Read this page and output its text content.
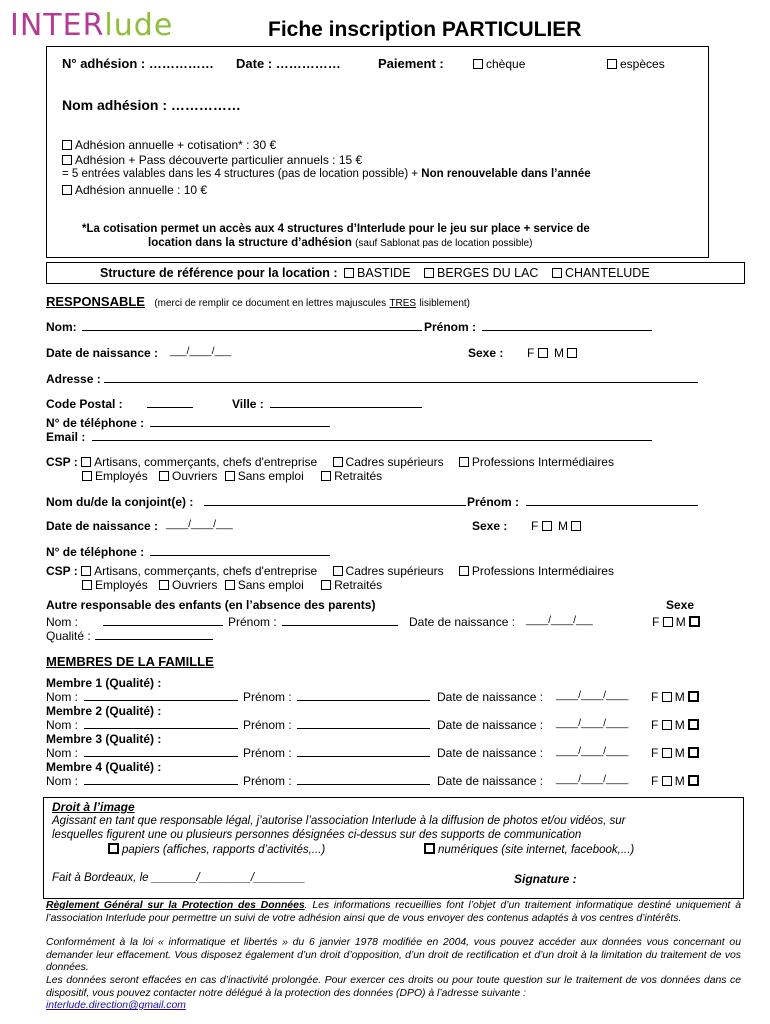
INTERlude	Fiche inscription PARTICULIER
N° adhésion : …………… Date : ……………	Paiement :	chèque	espèces
Nom adhésion : ……………
Adhésion annuelle + cotisation* : 30 €
Adhésion + Pass découverte particulier annuels : 15 €
= 5 entrées valables dans les 4 structures (pas de location possible) + Non renouvelable dans l’année
Adhésion annuelle : 10 €
*La cotisation permet un accès aux 4 structures d’Interlude pour le jeu sur place + service de
location dans la structure d’adhésion (sauf Sablonat pas de location possible)
Structure de référence pour la location : BASTIDE BERGES DU LAC CHANTELUDE
RESPONSABLE (merci de remplir ce document en lettres majuscules TRES lisiblement)
Nom:	Prénom :
Date de naissance : ___/____/___	Sexe : F M
Adresse :
Code Postal :	Ville :
N° de téléphone :
Email :
CSP : Artisans, commerçants, chefs d'entreprise Cadres supérieurs Professions Intermédiaires
Employés Ouvriers Sans emploi	Retraités
Nom du/de la conjoint(e) :	Prénom :
Date de naissance : ____/____/___	Sexe : F M
N° de téléphone :
CSP : Artisans, commerçants, chefs d'entreprise Cadres supérieurs Professions Intermédiaires
Employés Ouvriers Sans emploi	Retraités
Autre responsable des enfants (en l’absence des parents)	Sexe
Nom :	Prénom :	Date de naissance : ____/____/___	F M
Qualité :
MEMBRES DE LA FAMILLE
Membre 1 (Qualité) :
Nom :	Prénom :	Date de naissance : ____/____/____ F M
Membre 2 (Qualité) :
Nom :	Prénom :	Date de naissance : ____/____/____ F M
Membre 3 (Qualité) :
Nom :	Prénom :	Date de naissance : ____/____/____ F M
Membre 4 (Qualité) :
Nom :	Prénom :	Date de naissance : ____/____/____ F M
Droit à l’image
Agissant en tant que responsable légal, j’autorise l’association Interlude à la diffusion de photos et/ou vidéos, sur
lesquelles figurent une ou plusieurs personnes désignées ci-dessus sur des supports de communication
papiers (affiches, rapports d’activités,...)	numériques (site internet, facebook,...)
Fait à Bordeaux, le _______/________/________	Signature :
Règlement Général sur la Protection des Données. Les informations recueillies font l’objet d’un traitement informatique destiné uniquement à l’association Interlude pour permettre un suivi de votre adhésion ainsi que de vous envoyer des contenus adaptés à vos centres d’intérêts.
Conformément à la loi « informatique et libertés » du 6 janvier 1978 modifiée en 2004, vous pouvez accéder aux données vous concernant ou demander leur effacement. Vous disposez également d’un droit d’opposition, d’un droit de rectification et d’un droit à la limitation du traitement de vos données.
Les données seront effacées en cas d’inactivité prolongée. Pour exercer ces droits ou pour toute question sur le traitement de vos données dans ce dispositif, vous pouvez contacter notre délégué à la protection des données (DPO) à l’adresse suivante :
interlude.direction@gmail.com
